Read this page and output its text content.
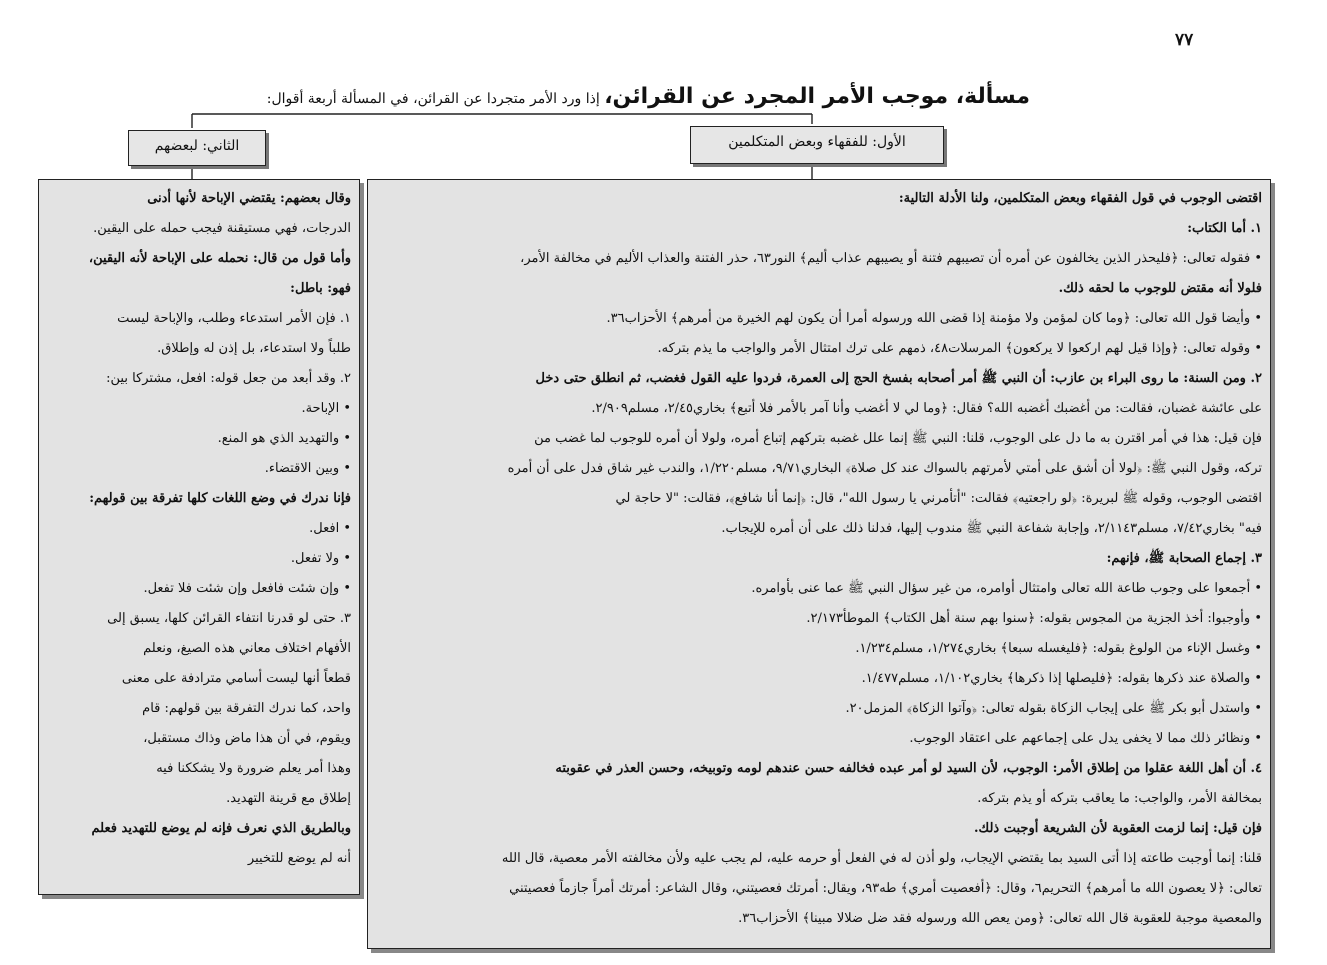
٧٧
مسألة، موجب الأمر المجرد عن القرائن، إذا ورد الأمر متجردا عن القرائن، في المسألة أربعة أقوال:
الأول: للفقهاء وبعض المتكلمين
الثاني: لبعضهم

اقتضى الوجوب في قول الفقهاء وبعض المتكلمين، ولنا الأدلة التالية:

١. أما الكتاب:

• فقوله تعالى: ﴿فليحذر الذين يخالفون عن أمره أن تصيبهم فتنة أو يصيبهم عذاب أليم﴾ النور٦٣، حذر الفتنة والعذاب الأليم في مخالفة الأمر،

فلولا أنه مقتض للوجوب ما لحقه ذلك.

• وأيضا قول الله تعالى: ﴿وما كان لمؤمن ولا مؤمنة إذا قضى الله ورسوله أمرا أن يكون لهم الخيرة من أمرهم﴾ الأحزاب٣٦.

• وقوله تعالى: ﴿وإذا قيل لهم اركعوا لا يركعون﴾ المرسلات٤٨، ذمهم على ترك امتثال الأمر والواجب ما يذم بتركه.

٢. ومن السنة: ما روى البراء بن عازب: أن النبي ﷺ أمر أصحابه بفسخ الحج إلى العمرة، فردوا عليه القول فغضب، ثم انطلق حتى دخل

على عائشة غضبان، فقالت: من أغضبك أغضبه الله؟ فقال: ﴿وما لي لا أغضب وأنا آمر بالأمر فلا أتبع﴾ بخاري٢/٤٥، مسلم٢/٩٠٩.

فإن قيل: هذا في أمر اقترن به ما دل على الوجوب، قلنا: النبي ﷺ إنما علل غضبه بتركهم إتباع أمره، ولولا أن أمره للوجوب لما غضب من

تركه، وقول النبي ﷺ: ﴿لولا أن أشق على أمتي لأمرتهم بالسواك عند كل صلاة﴾ البخاري٩/٧١، مسلم١/٢٢٠، والندب غير شاق فدل على أن أمره

اقتضى الوجوب، وقوله ﷺ لبريرة: ﴿لو راجعتيه﴾ فقالت: "أتأمرني يا رسول الله"، قال: ﴿إنما أنا شافع﴾، فقالت: "لا حاجة لي

فيه" بخاري٧/٤٢، مسلم٢/١١٤٣، وإجابة شفاعة النبي ﷺ مندوب إليها، فدلنا ذلك على أن أمره للإيجاب.

٣. إجماع الصحابة ﷺ، فإنهم:

• أجمعوا على وجوب طاعة الله تعالى وامتثال أوامره، من غير سؤال النبي ﷺ عما عنى بأوامره.

• وأوجبوا: أخذ الجزية من المجوس بقوله: ﴿سنوا بهم سنة أهل الكتاب﴾ الموطأ٢/١٧٣.

• وغسل الإناء من الولوغ بقوله: ﴿فليغسله سبعا﴾ بخاري١/٢٧٤، مسلم١/٢٣٤.

• والصلاة عند ذكرها بقوله: ﴿فليصلها إذا ذكرها﴾ بخاري١/١٠٢، مسلم١/٤٧٧.

• واستدل أبو بكر ﷺ على إيجاب الزكاة بقوله تعالى: ﴿وآتوا الزكاة﴾ المزمل٢٠.

• ونظائر ذلك مما لا يخفى يدل على إجماعهم على اعتقاد الوجوب.

٤. أن أهل اللغة عقلوا من إطلاق الأمر: الوجوب، لأن السيد لو أمر عبده فخالفه حسن عندهم لومه وتوبيخه، وحسن العذر في عقوبته

بمخالفة الأمر، والواجب: ما يعاقب بتركه أو يذم بتركه.

فإن قيل: إنما لزمت العقوبة لأن الشريعة أوجبت ذلك.

قلنا: إنما أوجبت طاعته إذا أتى السيد بما يقتضي الإيجاب، ولو أذن له في الفعل أو حرمه عليه، لم يجب عليه ولأن مخالفته الأمر معصية، قال الله

تعالى: ﴿لا يعصون الله ما أمرهم﴾ التحريم٦، وقال: ﴿أفعصيت أمري﴾ طه٩٣، ويقال: أمرتك فعصيتني، وقال الشاعر: أمرتك أمراً جازماً فعصيتني

والمعصية موجبة للعقوبة قال الله تعالى: ﴿ومن يعص الله ورسوله فقد ضل ضلالا مبينا﴾ الأحزاب٣٦.

وقال بعضهم: يقتضي الإباحة لأنها أدنى

الدرجات، فهي مستيقنة فيجب حمله على اليقين.

وأما قول من قال: نحمله على الإباحة لأنه اليقين،

فهو: باطل:

١. فإن الأمر استدعاء وطلب، والإباحة ليست

طلباً ولا استدعاء، بل إذن له وإطلاق.

٢. وقد أبعد من جعل قوله: افعل، مشتركا بين:

• الإباحة.

• والتهديد الذي هو المنع.

• وبين الاقتضاء.

فإنا ندرك في وضع اللغات كلها تفرقة بين قولهم:

• افعل.

• ولا تفعل.

• وإن شئت فافعل وإن شئت فلا تفعل.

٣. حتى لو قدرنا انتفاء القرائن كلها، يسبق إلى

الأفهام اختلاف معاني هذه الصيغ، ونعلم

قطعاً أنها ليست أسامي مترادفة على معنى

واحد، كما ندرك التفرقة بين قولهم: قام

ويقوم، في أن هذا ماض وذاك مستقبل،

وهذا أمر يعلم ضرورة ولا يشككنا فيه

إطلاق مع قرينة التهديد.

وبالطريق الذي نعرف فإنه لم يوضع للتهديد فعلم

أنه لم يوضع للتخيير
